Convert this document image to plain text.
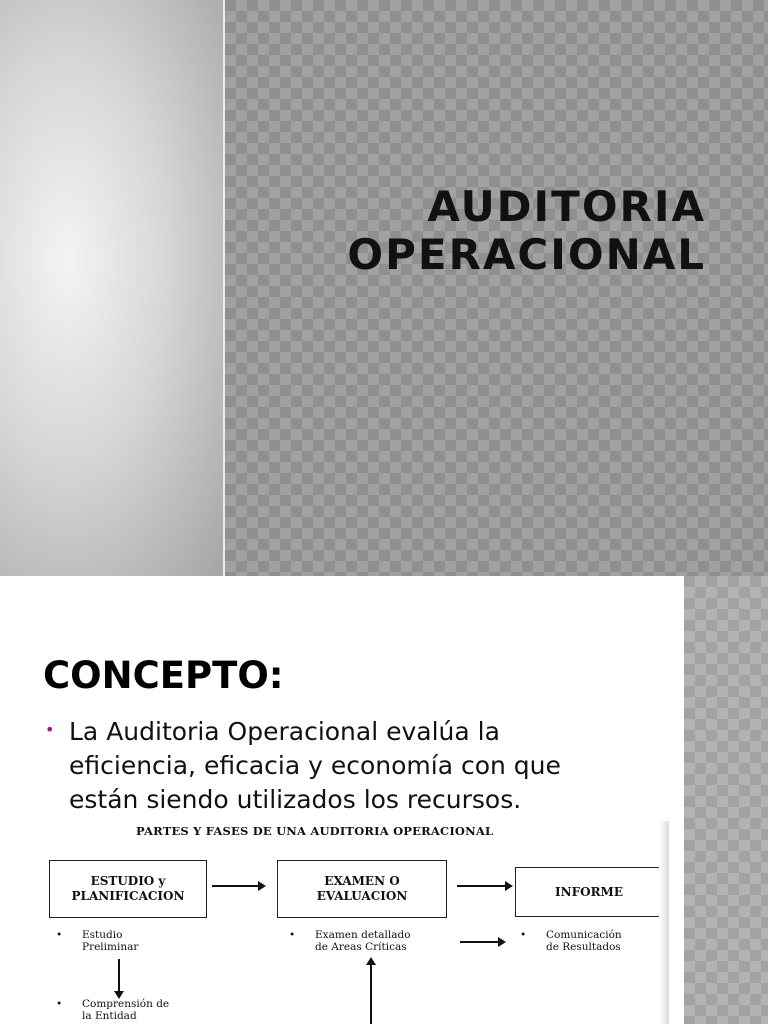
AUDITORIA
OPERACIONAL
CONCEPTO:
• La Auditoria Operacional evalúa la eficiencia, eficacia y economía con que están siendo utilizados los recursos.

PARTES Y FASES DE UNA AUDITORIA OPERACIONAL
ESTUDIO y
PLANIFICACION
EXAMEN O
EVALUACION	INFORME
• Estudio
Preliminar
• Comprensión de
la Entidad
• Examen detallado
de Areas Críticas
• Comunicación
de Resultados
